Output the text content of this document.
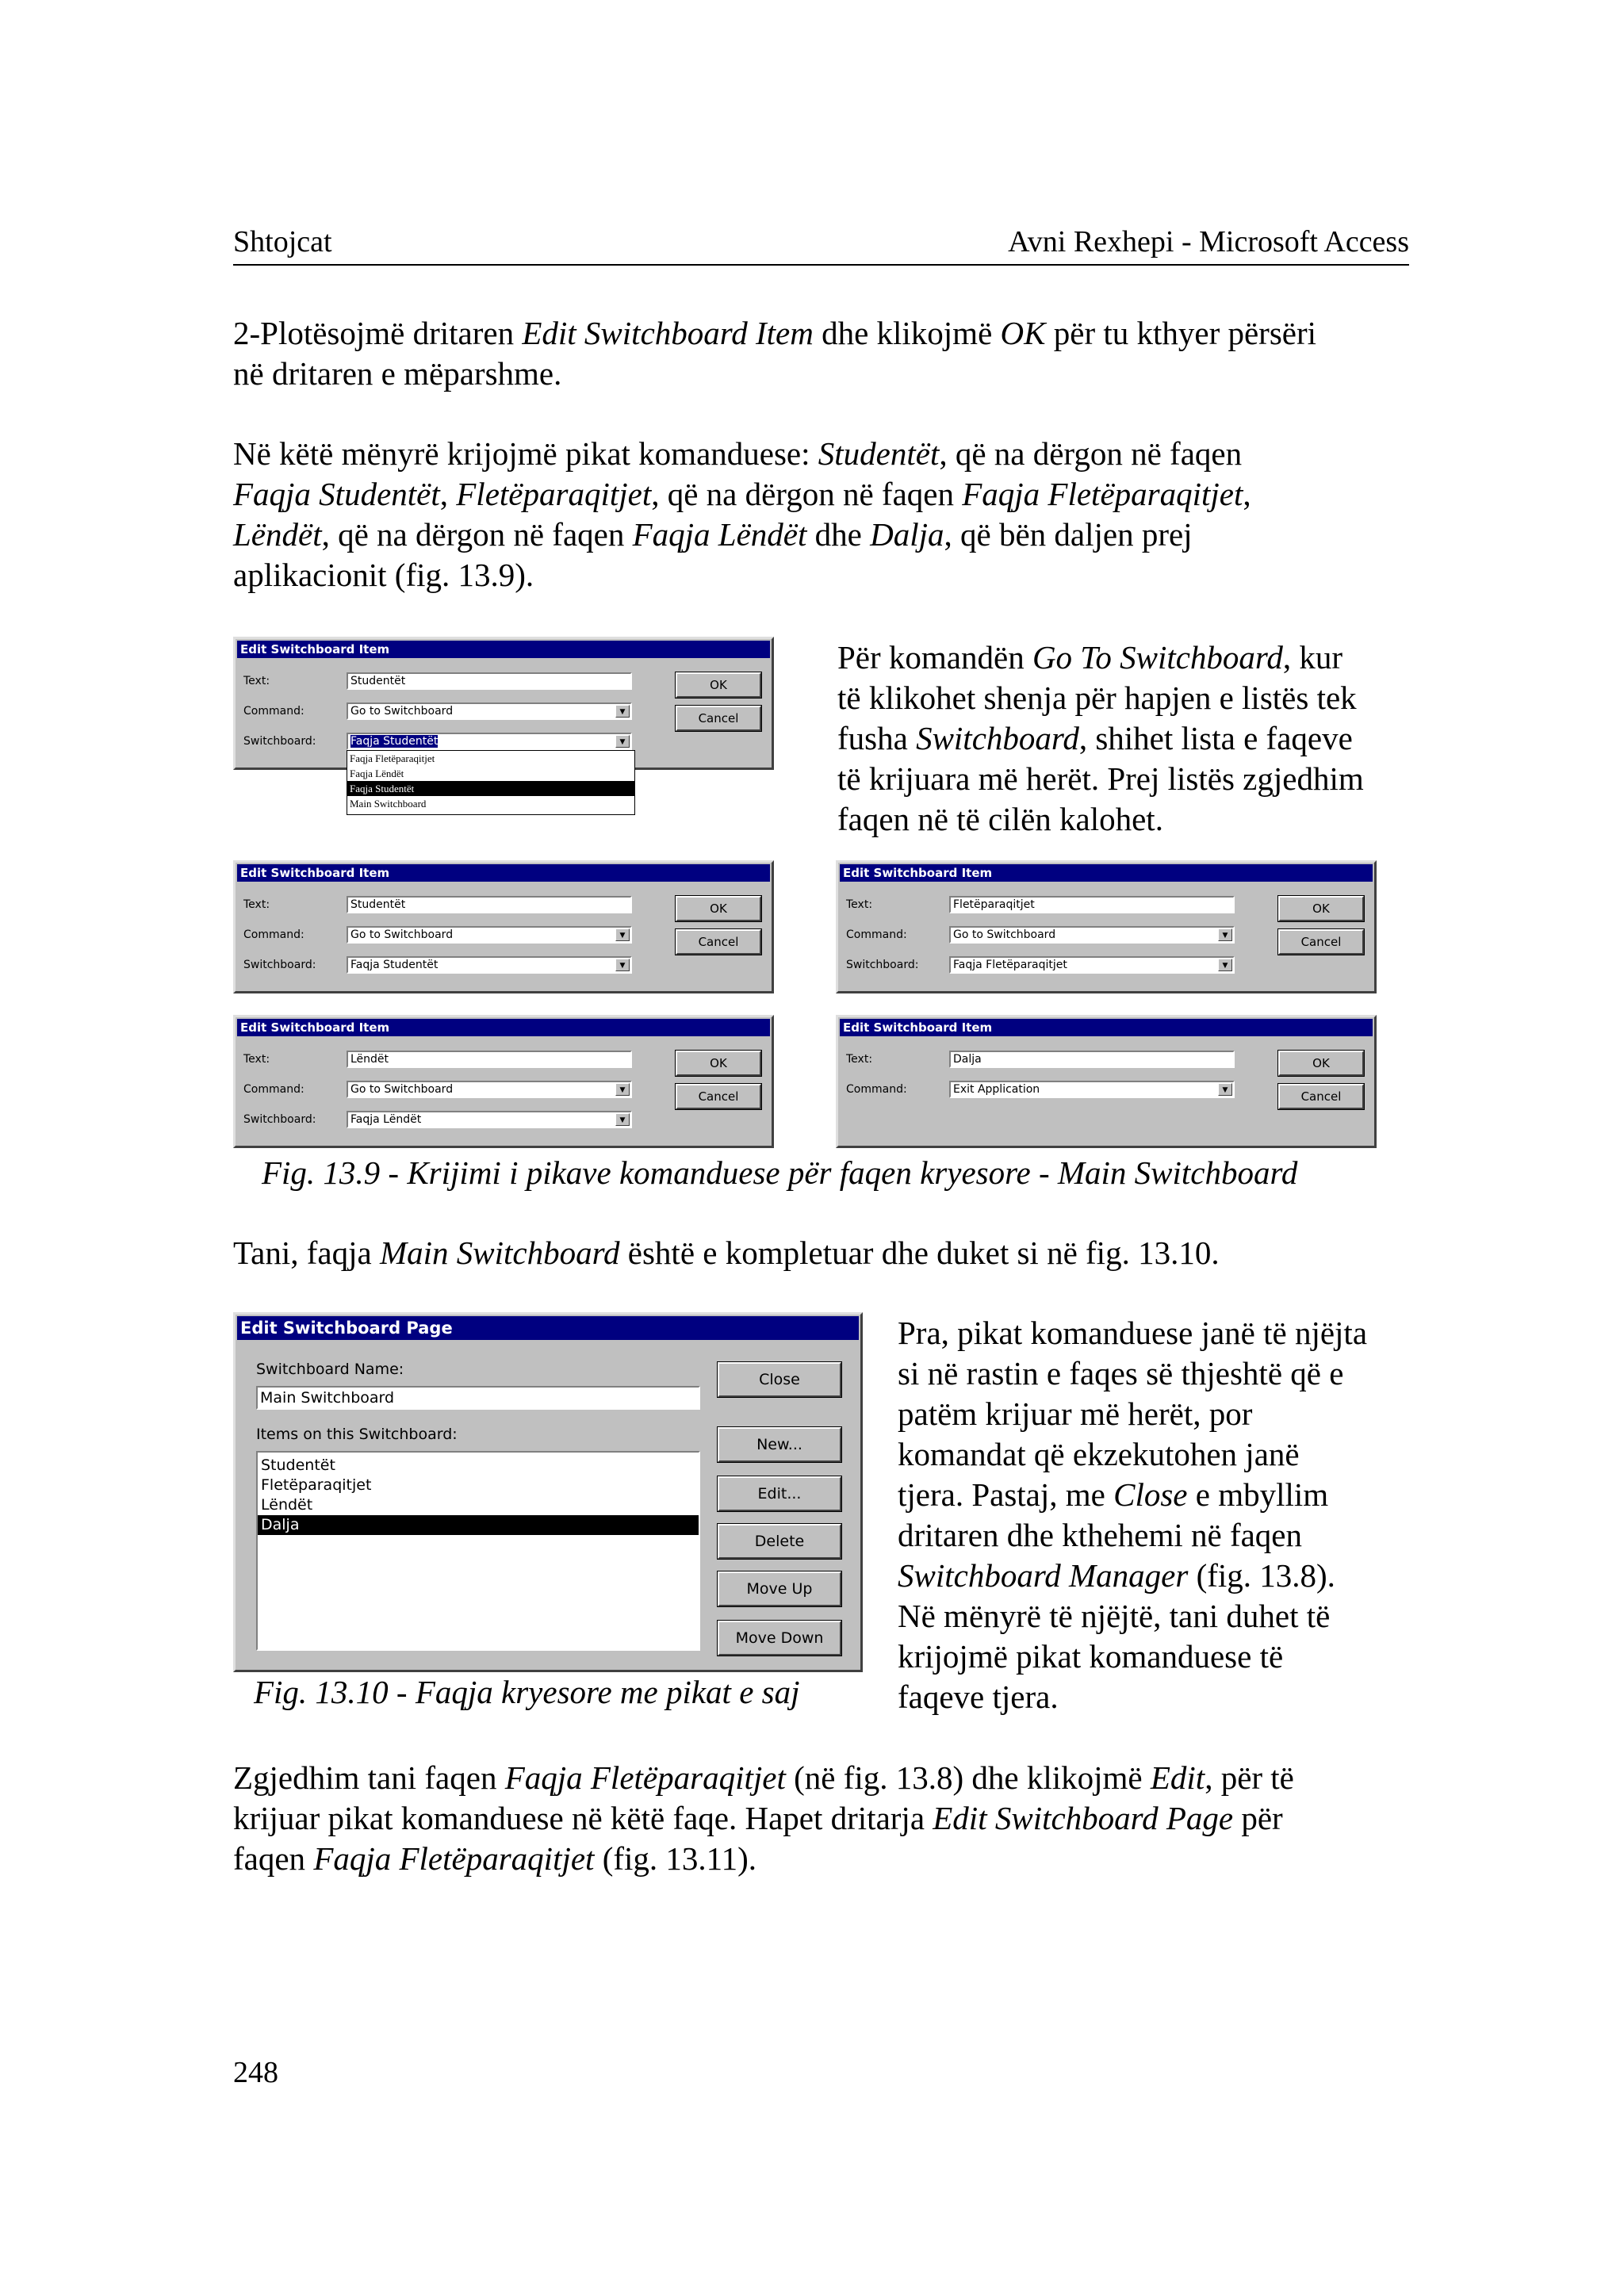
Shtojcat	Avni Rexhepi - Microsoft Access

2-Plotësojmë dritaren Edit Switchboard Item dhe klikojmë OK për tu kthyer përsëri

në dritaren e mëparshme.

Në këtë mënyrë krijojmë pikat komanduese: Studentët, që na dërgon në faqen

Faqja Studentët, Fletëparaqitjet, që na dërgon në faqen Faqja Fletëparaqitjet,

Lëndët, që na dërgon në faqen Faqja Lëndët dhe Dalja, që bën daljen prej

aplikacionit (fig. 13.9).

Për komandën Go To Switchboard, kur

të klikohet shenja për hapjen e listës tek

fusha Switchboard, shihet lista e faqeve

të krijuara më herët. Prej listës zgjedhim

faqen në të cilën kalohet.

Edit Switchboard Item
Text:	Studentët
Command:	Go to Switchboard	▼
Switchboard:	Faqja Studentët	▼
OK
Cancel
Faqja Fletëparaqitjet
Faqja Lëndët
Faqja Studentët
Main Switchboard
Edit Switchboard Item
Text:	Studentët
Command:	Go to Switchboard	▼
Switchboard:	Faqja Studentët	▼
OK
Cancel
Edit Switchboard Item
Text:	Fletëparaqitjet
Command:	Go to Switchboard	▼
Switchboard:	Faqja Fletëparaqitjet	▼
OK
Cancel
Edit Switchboard Item
Text:	Lëndët
Command:	Go to Switchboard	▼
Switchboard:	Faqja Lëndët	▼
OK
Cancel
Edit Switchboard Item
Text:	Dalja
Command:	Exit Application	▼
OK
Cancel
Fig. 13.9 - Krijimi i pikave komanduese për faqen kryesore - Main Switchboard

Tani, faqja Main Switchboard është e kompletuar dhe duket si në fig. 13.10.

Edit Switchboard Page
Switchboard Name:
Main Switchboard
Items on this Switchboard:
Studentët
Fletëparaqitjet
Lëndët
Dalja
Close
New...
Edit...
Delete
Move Up
Move Down
Fig. 13.10 - Faqja kryesore me pikat e saj

Pra, pikat komanduese janë të njëjta

si në rastin e faqes së thjeshtë që e

patëm krijuar më herët, por

komandat që ekzekutohen janë

tjera. Pastaj, me Close e mbyllim

dritaren dhe kthehemi në faqen

Switchboard Manager (fig. 13.8).

Në mënyrë të njëjtë, tani duhet të

krijojmë pikat komanduese të

faqeve tjera.

Zgjedhim tani faqen Faqja Fletëparaqitjet (në fig. 13.8) dhe klikojmë Edit, për të

krijuar pikat komanduese në këtë faqe. Hapet dritarja Edit Switchboard Page për

faqen Faqja Fletëparaqitjet (fig. 13.11).

248
